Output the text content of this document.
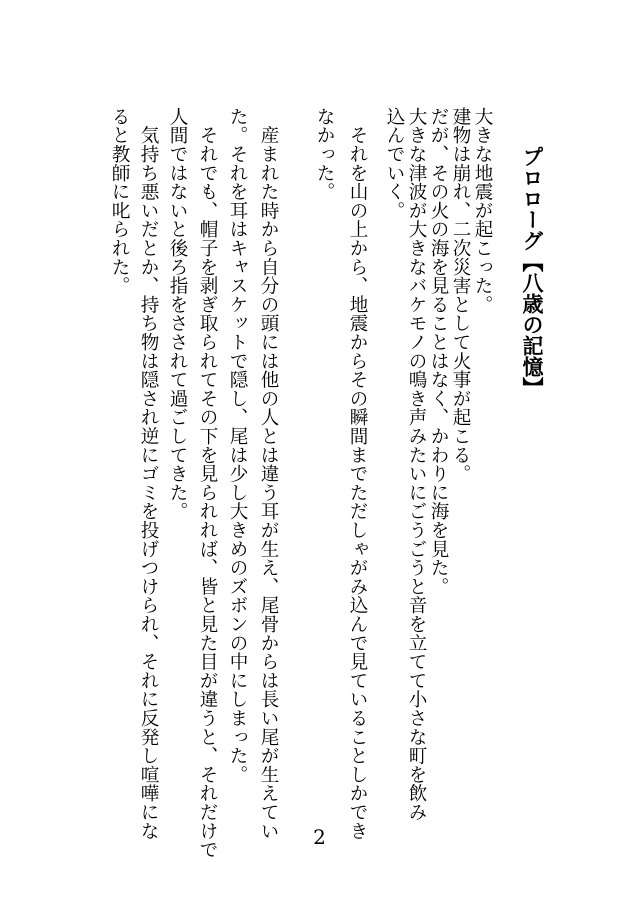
プロローグ【八歳の記憶】
大きな地震が起こった。
建物は崩れ、二次災害として火事が起こる。
だが、その火の海を見ることはなく、かわりに海を見た。
大きな津波が大きなバケモノの鳴き声みたいにごうごうと音を立てて小さな町を飲み
込んでいく。
　それを山の上から、地震からその瞬間までただしゃがみ込んで見ていることしかでき
なかった。
　産まれた時から自分の頭には他の人とは違う耳が生え、尾骨からは長い尾が生えてい
た。それを耳はキャスケットで隠し、尾は少し大きめのズボンの中にしまった。
　それでも、帽子を剥ぎ取られてその下を見られれば、皆と見た目が違うと、それだけで
人間ではないと後ろ指をさされて過ごしてきた。
　気持ち悪いだとか、持ち物は隠され逆にゴミを投げつけられ、それに反発し喧嘩にな
ると教師に叱られた。
2
